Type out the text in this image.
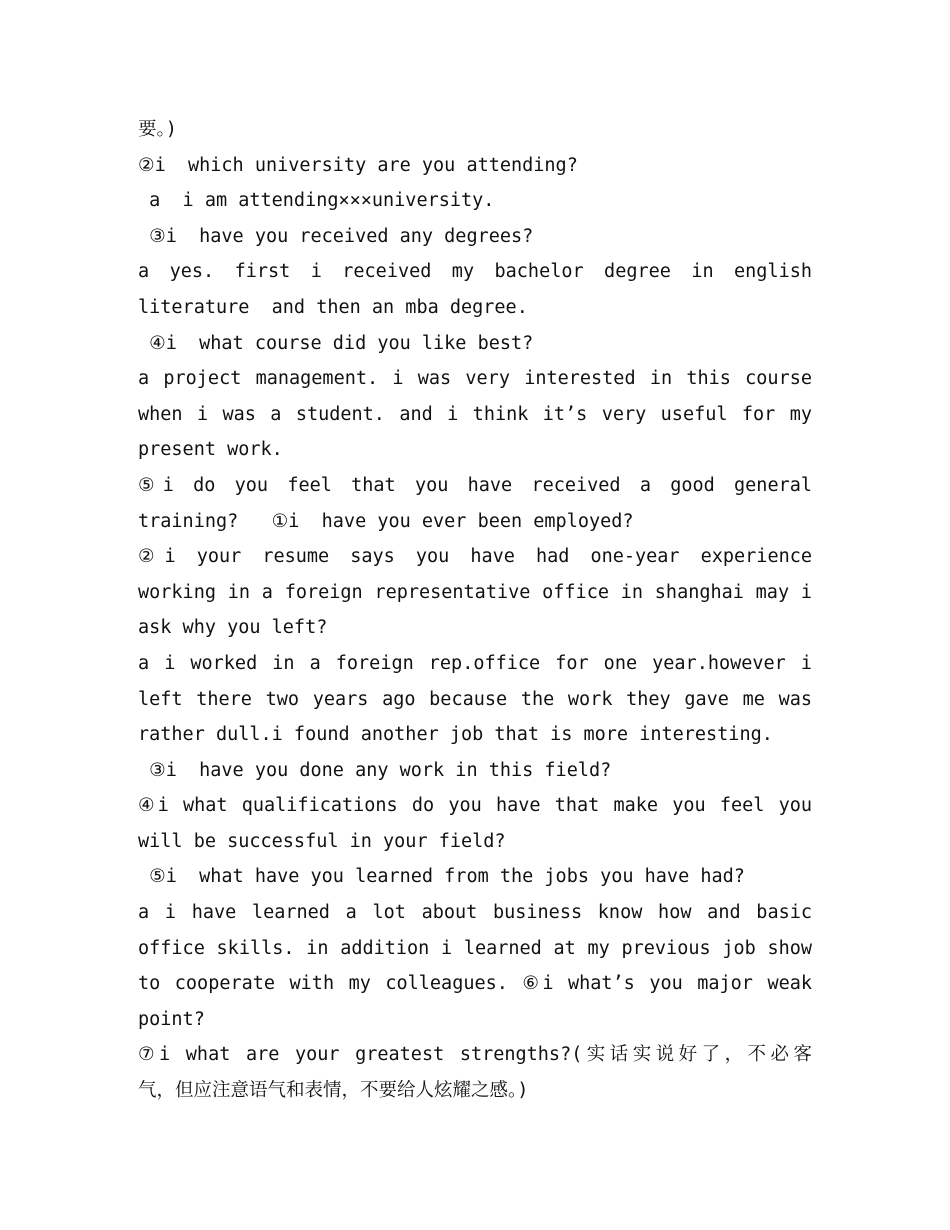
要。)
②i  which university are you attending?
a  i am attending×××university.
③i  have you received any degrees?
a yes. first i received my bachelor degree in english
literature  and then an mba degree.
④i  what course did you like best?
a project management. i was very interested in this course
when i was a student. and i think it’s very useful for my
present work.
⑤i do you feel that you have received a good general
training?   ①i  have you ever been employed?
②i your resume says you have had one-year experience
working in a foreign representative office in shanghai may i
ask why you left?
a i worked in a foreign rep.office for one year.however i
left there two years ago because the work they gave me was
rather dull.i found another job that is more interesting.
③i  have you done any work in this field?
④i what qualifications do you have that make you feel you
will be successful in your field?
⑤i  what have you learned from the jobs you have had?
a i have learned a lot about business know how and basic
office skills. in addition i learned at my previous job show
to cooperate with my colleagues. ⑥i what’s you major weak
point?
⑦i what are your greatest strengths?(实话实说好了，不必客
气，但应注意语气和表情，不要给人炫耀之感。)
